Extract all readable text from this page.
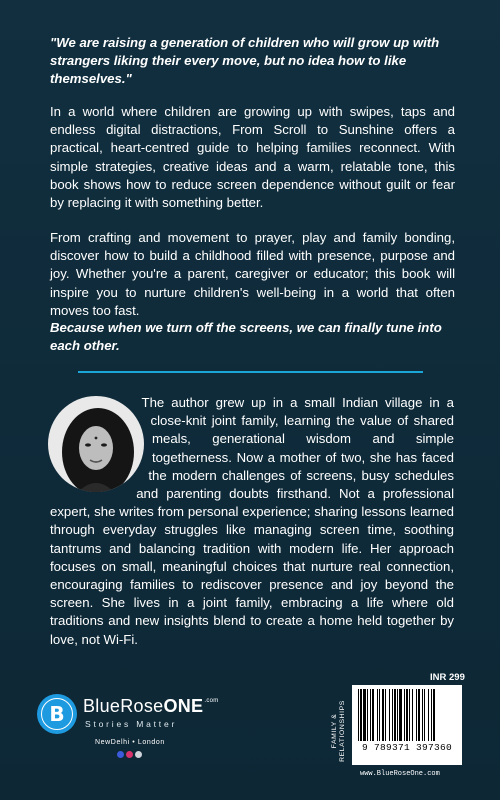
"We are raising a generation of children who will grow up with strangers liking their every move, but no idea how to like themselves."

In a world where children are growing up with swipes, taps and endless digital distractions, From Scroll to Sunshine offers a practical, heart-centred guide to helping families reconnect. With simple strategies, creative ideas and a warm, relatable tone, this book shows how to reduce screen dependence without guilt or fear by replacing it with something better.

From crafting and movement to prayer, play and family bonding, discover how to build a childhood filled with presence, purpose and joy. Whether you're a parent, caregiver or educator; this book will inspire you to nurture children's well-being in a world that often moves too fast.

Because when we turn off the screens, we can finally tune into each other.

The author grew up in a small Indian village in a close-knit joint family, learning the value of shared meals, generational wisdom and simple togetherness. Now a mother of two, she has faced the modern challenges of screens, busy schedules and parenting doubts firsthand. Not a professional expert, she writes from personal experience; sharing lessons learned through everyday struggles like managing screen time, soothing tantrums and balancing tradition with modern life. Her approach focuses on small, meaningful choices that nurture real connection, encouraging families to rediscover presence and joy beyond the screen. She lives in a joint family, embracing a life where old traditions and new insights blend to create a home held together by love, not Wi-Fi.

B	BlueRoseONE$^{.com}$
Stories Matter
NewDelhi • London	FAMILY &
RELATIONSHIPS
INR 299
9 789371 397360
www.BlueRoseOne.com
